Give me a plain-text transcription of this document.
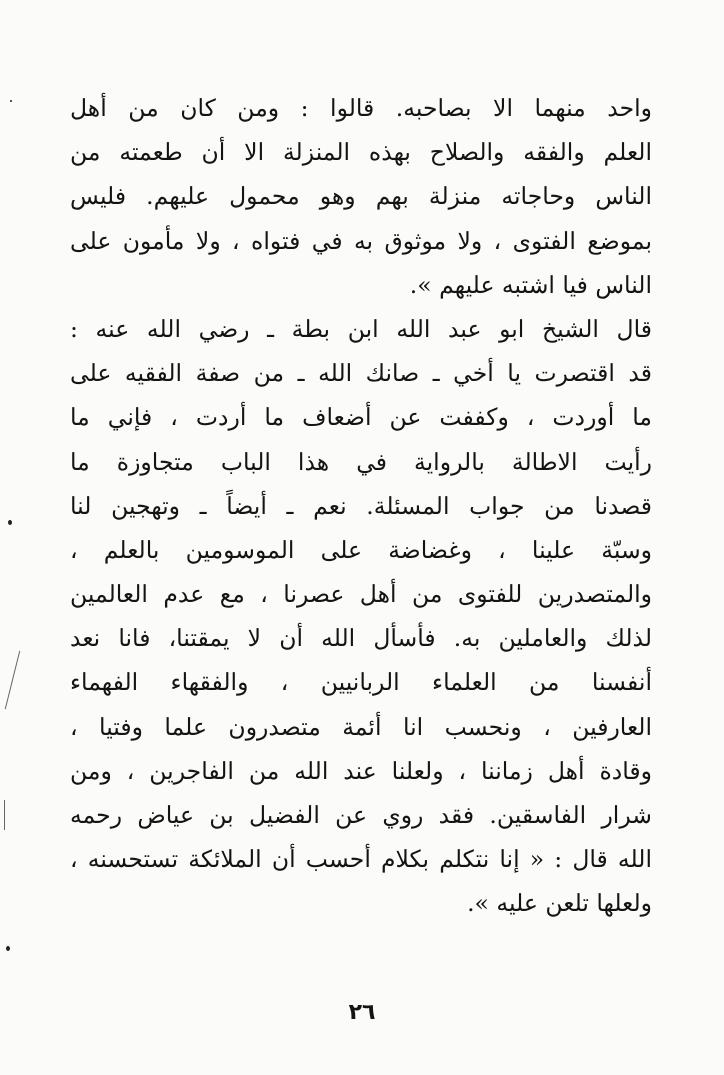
واحد منهما الا بصاحبه. قالوا : ومن كان من أهل
العلم والفقه والصلاح بهذه المنزلة الا أن طعمته من
الناس وحاجاته منزلة بهم وهو محمول عليهم. فليس
بموضع الفتوى ، ولا موثوق به في فتواه ، ولا مأمون على
الناس فيا اشتبه عليهم ».
قال الشيخ ابو عبد الله ابن بطة ـ رضي الله عنه :
قد اقتصرت يا أخي ـ صانك الله ـ من صفة الفقيه على
ما أوردت ، وكففت عن أضعاف ما أردت ، فإني ما
رأيت الاطالة بالرواية في هذا الباب متجاوزة ما
قصدنا من جواب المسئلة. نعم ـ أيضاً ـ وتهجين لنا
وسبّة علينا ، وغضاضة على الموسومين بالعلم ،
والمتصدرين للفتوى من أهل عصرنا ، مع عدم العالمين
لذلك والعاملين به. فأسأل الله أن لا يمقتنا، فانا نعد
أنفسنا من العلماء الربانيين ، والفقهاء الفهماء
العارفين ، ونحسب انا أئمة متصدرون علما وفتيا ،
وقادة أهل زماننا ، ولعلنا عند الله من الفاجرين ، ومن
شرار الفاسقين. فقد روي عن الفضيل بن عياض رحمه
الله قال : « إنا نتكلم بكلام أحسب أن الملائكة تستحسنه ،
ولعلها تلعن عليه ».
٢٦
